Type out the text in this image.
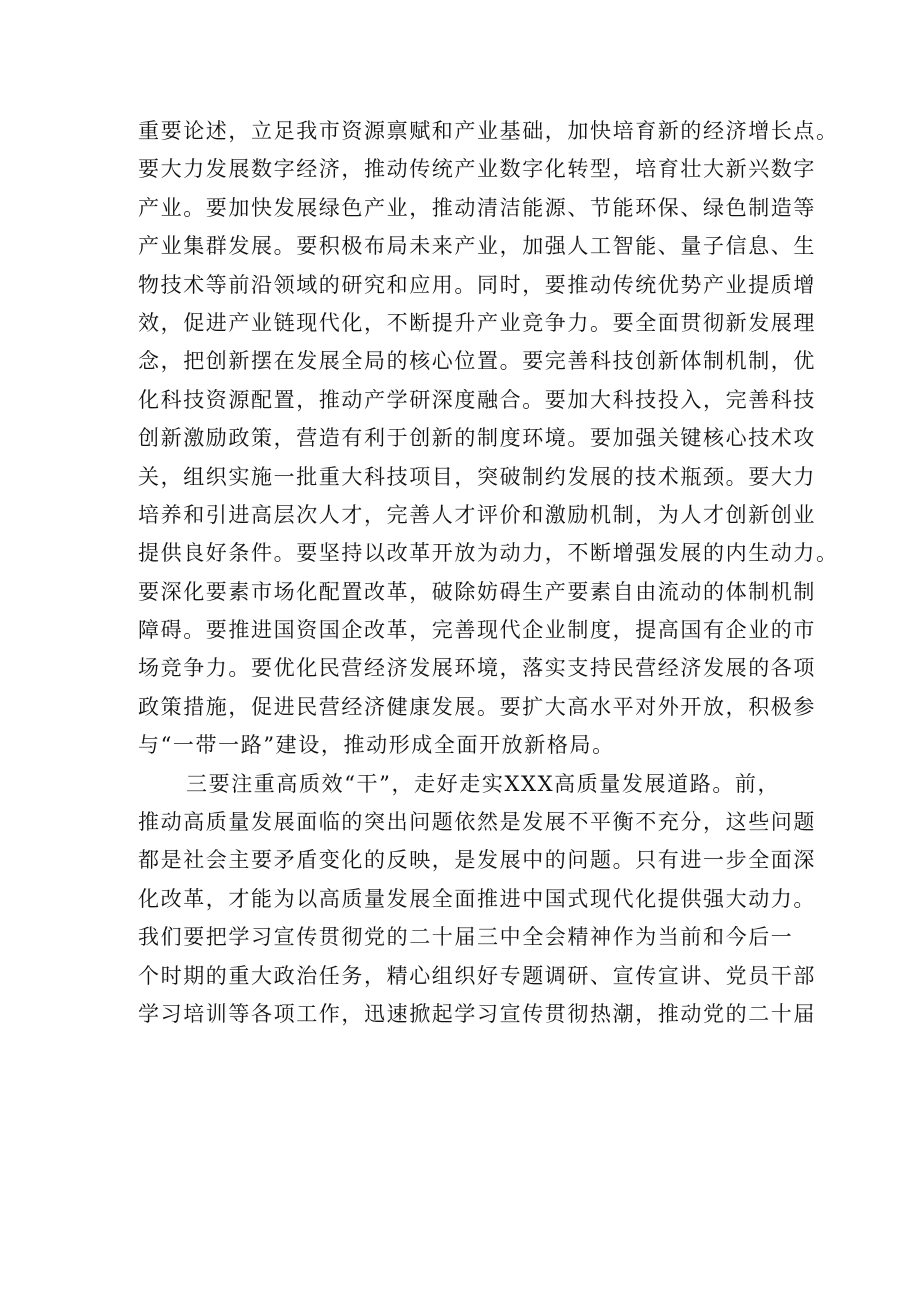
重要论述，立足我市资源禀赋和产业基础，加快培育新的经济增长点。
要大力发展数字经济，推动传统产业数字化转型，培育壮大新兴数字
产业。要加快发展绿色产业，推动清洁能源、节能环保、绿色制造等
产业集群发展。要积极布局未来产业，加强人工智能、量子信息、生
物技术等前沿领域的研究和应用。同时，要推动传统优势产业提质增
效，促进产业链现代化，不断提升产业竞争力。要全面贯彻新发展理
念，把创新摆在发展全局的核心位置。要完善科技创新体制机制，优
化科技资源配置，推动产学研深度融合。要加大科技投入，完善科技
创新激励政策，营造有利于创新的制度环境。要加强关键核心技术攻
关，组织实施一批重大科技项目，突破制约发展的技术瓶颈。要大力
培养和引进高层次人才，完善人才评价和激励机制，为人才创新创业
提供良好条件。要坚持以改革开放为动力，不断增强发展的内生动力。
要深化要素市场化配置改革，破除妨碍生产要素自由流动的体制机制
障碍。要推进国资国企改革，完善现代企业制度，提高国有企业的市
场竞争力。要优化民营经济发展环境，落实支持民营经济发展的各项
政策措施，促进民营经济健康发展。要扩大高水平对外开放，积极参
与“一带一路”建设，推动形成全面开放新格局。
三要注重高质效“干”，走好走实XXX高质量发展道路。前，
推动高质量发展面临的突出问题依然是发展不平衡不充分，这些问题
都是社会主要矛盾变化的反映，是发展中的问题。只有进一步全面深
化改革，才能为以高质量发展全面推进中国式现代化提供强大动力。
我们要把学习宣传贯彻党的二十届三中全会精神作为当前和今后一
个时期的重大政治任务，精心组织好专题调研、宣传宣讲、党员干部
学习培训等各项工作，迅速掀起学习宣传贯彻热潮，推动党的二十届
